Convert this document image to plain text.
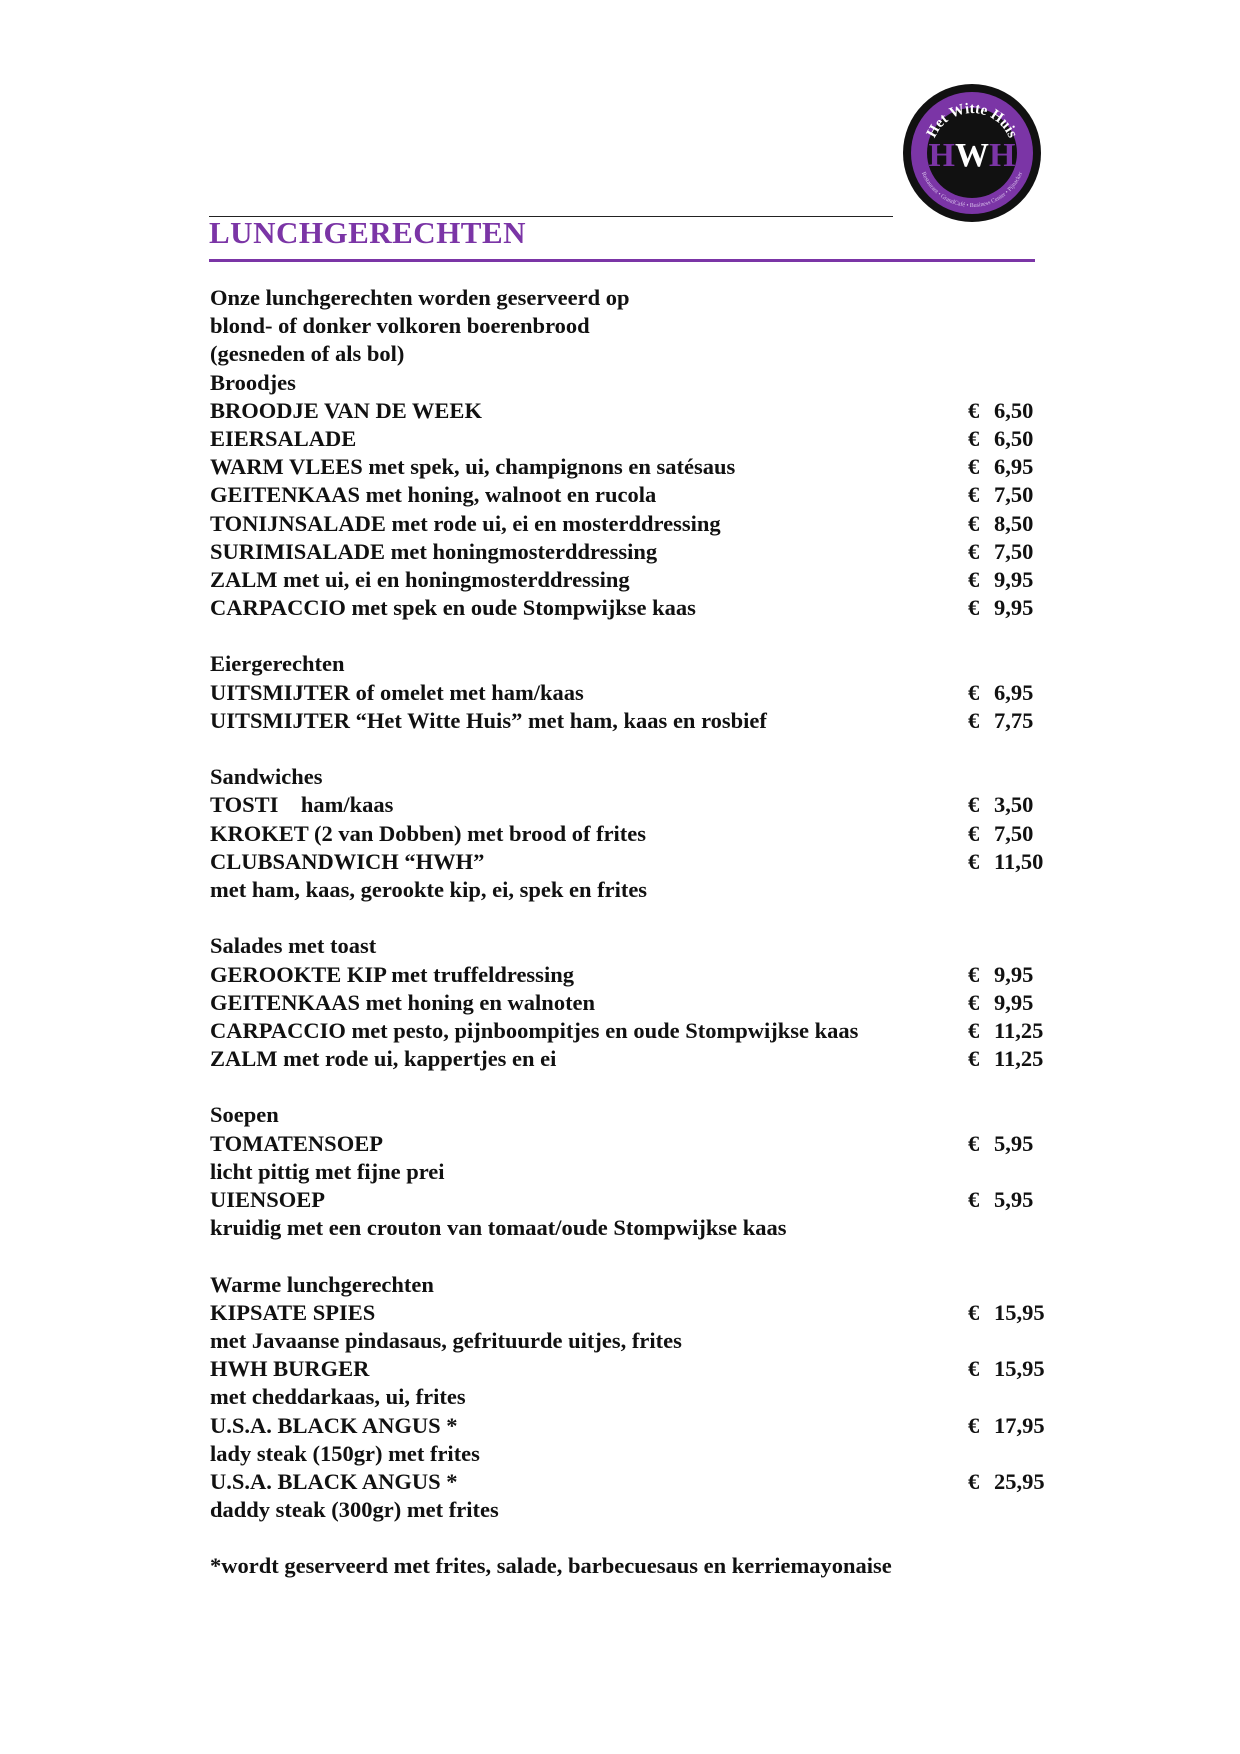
Het Witte Huis
HWH
Restaurant • GrandCafé • Business Center • Pijnacker
LUNCHGERECHTEN
Onze lunchgerechten worden geserveerd op
blond- of donker volkoren boerenbrood
(gesneden of als bol)
Broodjes
BROODJE VAN DE WEEK	€ 6,50
EIERSALADE	€ 6,50
WARM VLEES met spek, ui, champignons en satésaus	€ 6,95
GEITENKAAS met honing, walnoot en rucola	€ 7,50
TONIJNSALADE met rode ui, ei en mosterddressing	€ 8,50
SURIMISALADE met honingmosterddressing	€ 7,50
ZALM met ui, ei en honingmosterddressing	€ 9,95
CARPACCIO met spek en oude Stompwijkse kaas	€ 9,95
Eiergerechten
UITSMIJTER of omelet met ham/kaas	€ 6,95
UITSMIJTER “Het Witte Huis” met ham, kaas en rosbief	€ 7,75
Sandwiches
TOSTI    ham/kaas	€ 3,50
KROKET (2 van Dobben) met brood of frites	€ 7,50
CLUBSANDWICH “HWH”	€ 11,50
met ham, kaas, gerookte kip, ei, spek en frites
Salades met toast
GEROOKTE KIP met truffeldressing	€ 9,95
GEITENKAAS met honing en walnoten	€ 9,95
CARPACCIO met pesto, pijnboompitjes en oude Stompwijkse kaas	€ 11,25
ZALM met rode ui, kappertjes en ei	€ 11,25
Soepen
TOMATENSOEP	€ 5,95
licht pittig met fijne prei
UIENSOEP	€ 5,95
kruidig met een crouton van tomaat/oude Stompwijkse kaas
Warme lunchgerechten
KIPSATE SPIES	€ 15,95
met Javaanse pindasaus, gefrituurde uitjes, frites
HWH BURGER	€ 15,95
met cheddarkaas, ui, frites
U.S.A. BLACK ANGUS *	€ 17,95
lady steak (150gr) met frites
U.S.A. BLACK ANGUS *	€ 25,95
daddy steak (300gr) met frites
*wordt geserveerd met frites, salade, barbecuesaus en kerriemayonaise
